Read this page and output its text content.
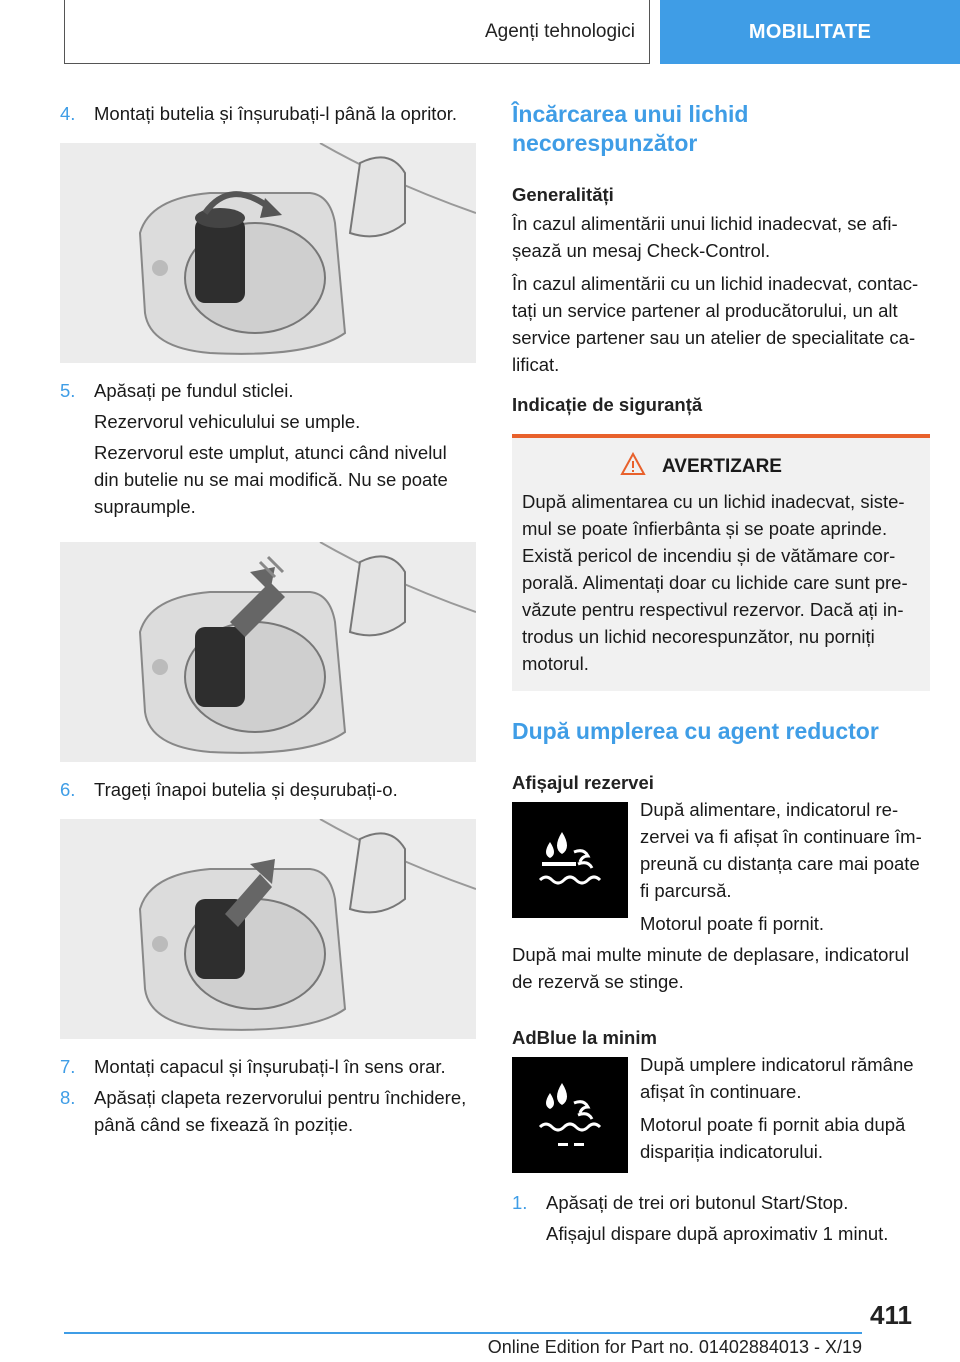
Agenți tehnologici	MOBILITATE
4.	Montați butelia și înșurubați-l până la opritor.
5.	Apăsați pe fundul sticlei.
Rezervorul vehiculului se umple.
Rezervorul este umplut, atunci când nivelul din butelie nu se mai modifică. Nu se poate supraumple.
6.	Trageți înapoi butelia și deșurubați-o.
7.	Montați capacul și înșurubați-l în sens orar.
8.	Apăsați clapeta rezervorului pentru închidere, până când se fixează în poziție.
Încărcarea unui lichid necorespunzător
Generalități
În cazul alimentării unui lichid inadecvat, se afișează un mesaj Check-Control.
În cazul alimentării cu un lichid inadecvat, contactați un service partener al producătorului, un alt service partener sau un atelier de specialitate calificat.
Indicație de siguranță
AVERTIZARE
După alimentarea cu un lichid inadecvat, sistemul se poate înfierbânta și se poate aprinde. Există pericol de incendiu și de vătămare corporală. Alimentați doar cu lichide care sunt prevăzute pentru respectivul rezervor. Dacă ați introdus un lichid necorespunzător, nu porniți motorul.
După umplerea cu agent reductor
Afișajul rezervei
După alimentare, indicatorul rezervei va fi afișat în continuare împreună cu distanța care mai poate fi parcursă.
Motorul poate fi pornit.
După mai multe minute de deplasare, indicatorul de rezervă se stinge.
AdBlue la minim
După umplere indicatorul rămâne afișat în continuare.
Motorul poate fi pornit abia după dispariția indicatorului.
1.	Apăsați de trei ori butonul Start/Stop.
Afișajul dispare după aproximativ 1 minut.
411
Online Edition for Part no. 01402884013 - X/19
